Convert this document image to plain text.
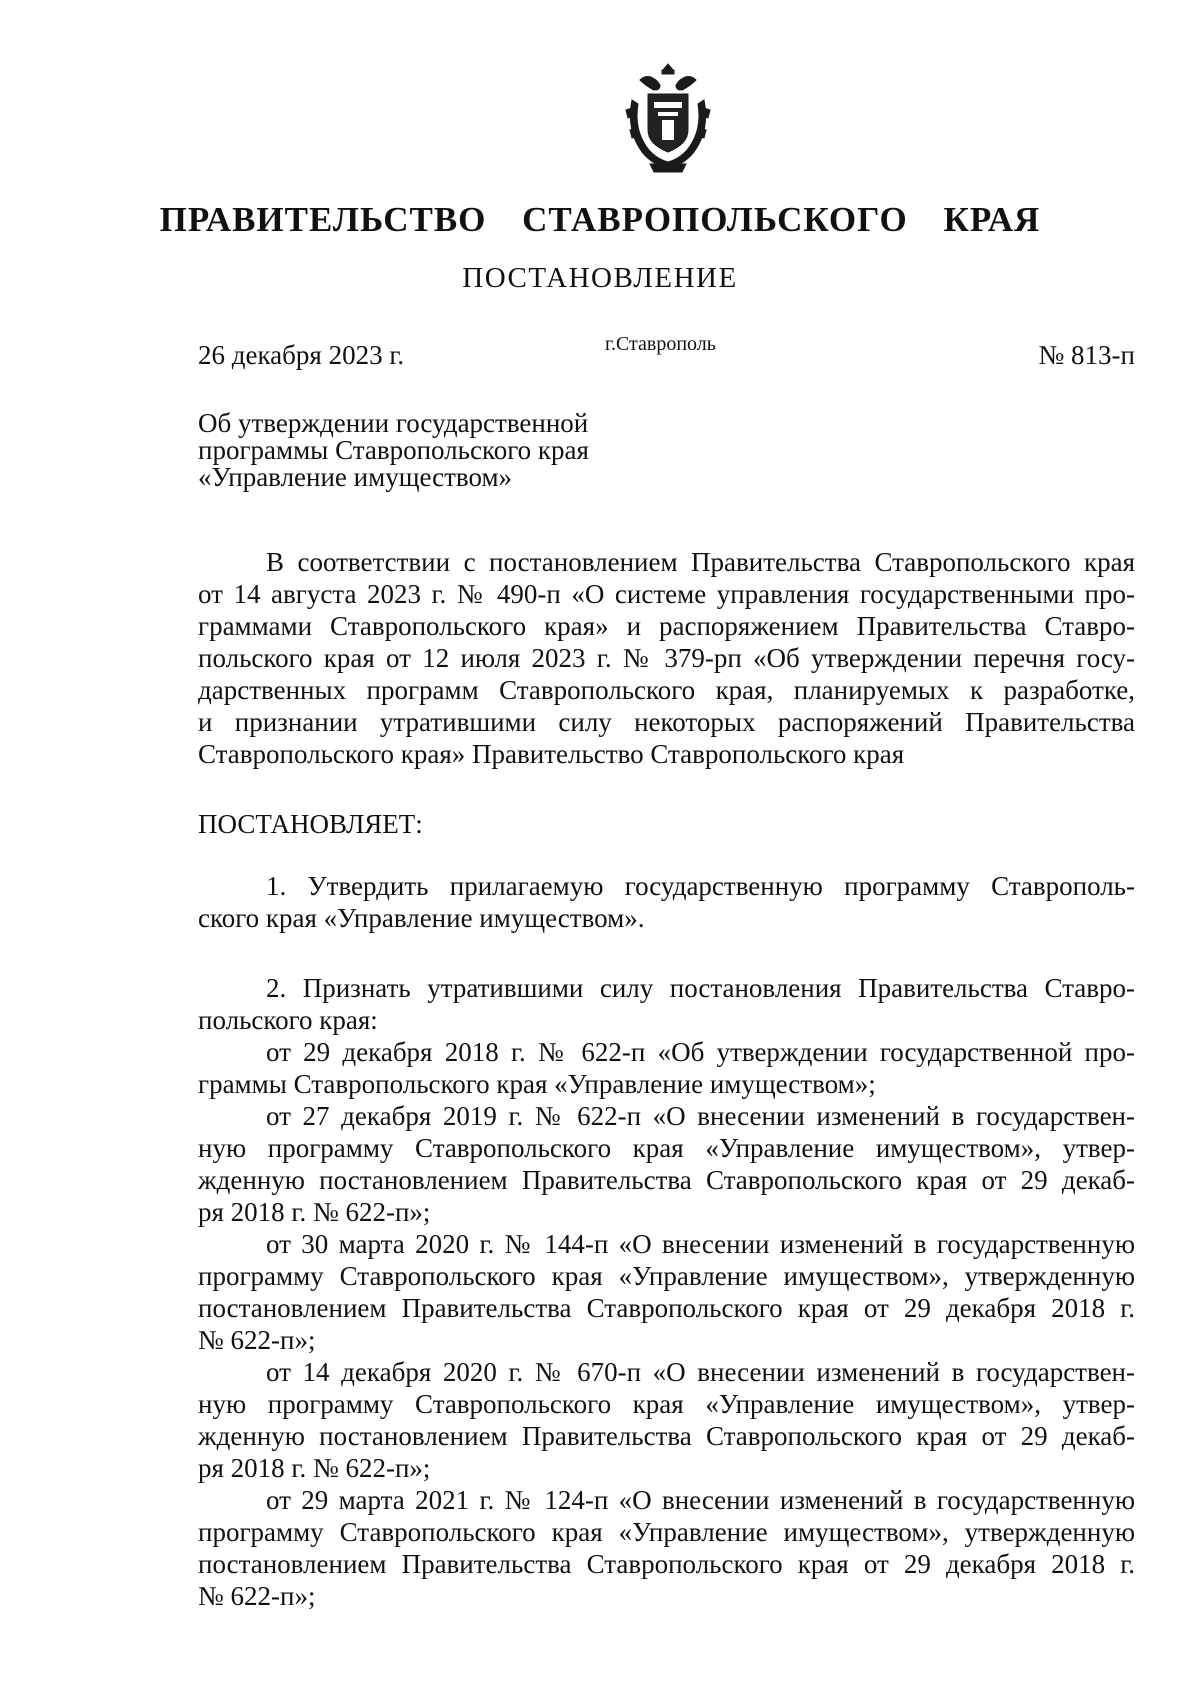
ПРАВИТЕЛЬСТВО СТАВРОПОЛЬСКОГО КРАЯ
ПОСТАНОВЛЕНИЕ
26 декабря 2023 г.	г.Ставрополь	№ 813-п
Об утверждении государственной
программы Ставропольского края
«Управление имуществом»
В соответствии с постановлением Правительства Ставропольского края
от 14 августа 2023 г. № 490-п «О системе управления государственными про-
граммами Ставропольского края» и распоряжением Правительства Ставро-
польского края от 12 июля 2023 г. № 379-рп «Об утверждении перечня госу-
дарственных программ Ставропольского края, планируемых к разработке,
и признании утратившими силу некоторых распоряжений Правительства
Ставропольского края» Правительство Ставропольского края
ПОСТАНОВЛЯЕТ:
1. Утвердить прилагаемую государственную программу Ставрополь-
ского края «Управление имуществом».
2. Признать утратившими силу постановления Правительства Ставро-
польского края:
от 29 декабря 2018 г. № 622-п «Об утверждении государственной про-
граммы Ставропольского края «Управление имуществом»;
от 27 декабря 2019 г. № 622-п «О внесении изменений в государствен-
ную программу Ставропольского края «Управление имуществом», утвер-
жденную постановлением Правительства Ставропольского края от 29 декаб-
ря 2018 г. № 622-п»;
от 30 марта 2020 г. № 144-п «О внесении изменений в государственную
программу Ставропольского края «Управление имуществом», утвержденную
постановлением Правительства Ставропольского края от 29 декабря 2018 г.
№ 622-п»;
от 14 декабря 2020 г. № 670-п «О внесении изменений в государствен-
ную программу Ставропольского края «Управление имуществом», утвер-
жденную постановлением Правительства Ставропольского края от 29 декаб-
ря 2018 г. № 622-п»;
от 29 марта 2021 г. № 124-п «О внесении изменений в государственную
программу Ставропольского края «Управление имуществом», утвержденную
постановлением Правительства Ставропольского края от 29 декабря 2018 г.
№ 622-п»;
